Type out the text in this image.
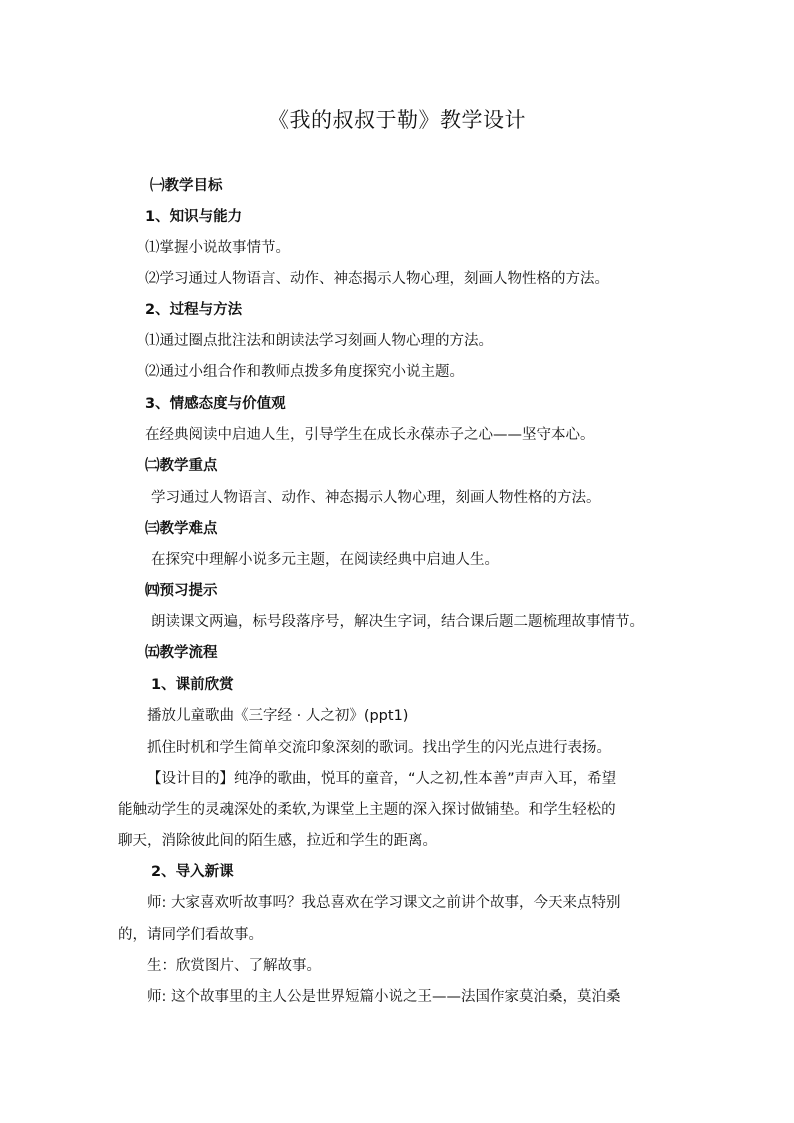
《我的叔叔于勒》教学设计
㈠教学目标
1、知识与能力
⑴掌握小说故事情节。
⑵学习通过人物语言、动作、神态揭示人物心理，刻画人物性格的方法。
2、过程与方法
⑴通过圈点批注法和朗读法学习刻画人物心理的方法。
⑵通过小组合作和教师点拨多角度探究小说主题。
3、情感态度与价值观
在经典阅读中启迪人生，引导学生在成长永葆赤子之心——坚守本心。
㈡教学重点
学习通过人物语言、动作、神态揭示人物心理，刻画人物性格的方法。
㈢教学难点
在探究中理解小说多元主题，在阅读经典中启迪人生。
㈣预习提示
朗读课文两遍，标号段落序号，解决生字词，结合课后题二题梳理故事情节。
㈤教学流程
1、课前欣赏
播放儿童歌曲《三字经 · 人之初》(ppt1)
抓住时机和学生简单交流印象深刻的歌词。找出学生的闪光点进行表扬。
【设计目的】纯净的歌曲，悦耳的童音，“人之初,性本善”声声入耳，希望
能触动学生的灵魂深处的柔软,为课堂上主题的深入探讨做铺垫。和学生轻松的
聊天，消除彼此间的陌生感，拉近和学生的距离。
2、导入新课
师: 大家喜欢听故事吗？我总喜欢在学习课文之前讲个故事，今天来点特别
的，请同学们看故事。
生：欣赏图片、了解故事。
师: 这个故事里的主人公是世界短篇小说之王——法国作家莫泊桑，莫泊桑
